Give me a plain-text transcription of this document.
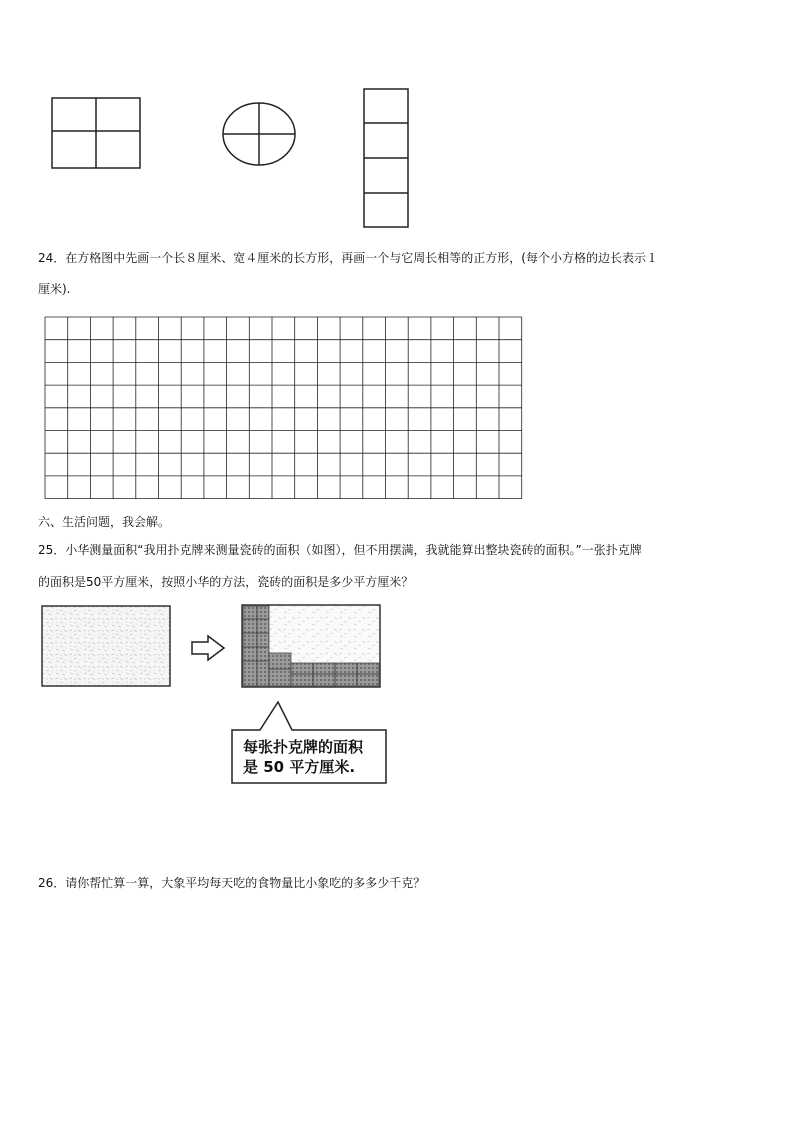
24．在方格图中先画一个长８厘米、宽４厘米的长方形，再画一个与它周长相等的正方形，(每个小方格的边长表示１
厘米).
六、生活问题，我会解。
25．小华测量面积“我用扑克牌来测量瓷砖的面积（如图），但不用摆满，我就能算出整块瓷砖的面积。”一张扑克牌
的面积是50平方厘米，按照小华的方法，瓷砖的面积是多少平方厘米？
每张扑克牌的面积
是 50 平方厘米.
26．请你帮忙算一算，大象平均每天吃的食物量比小象吃的多多少千克？
